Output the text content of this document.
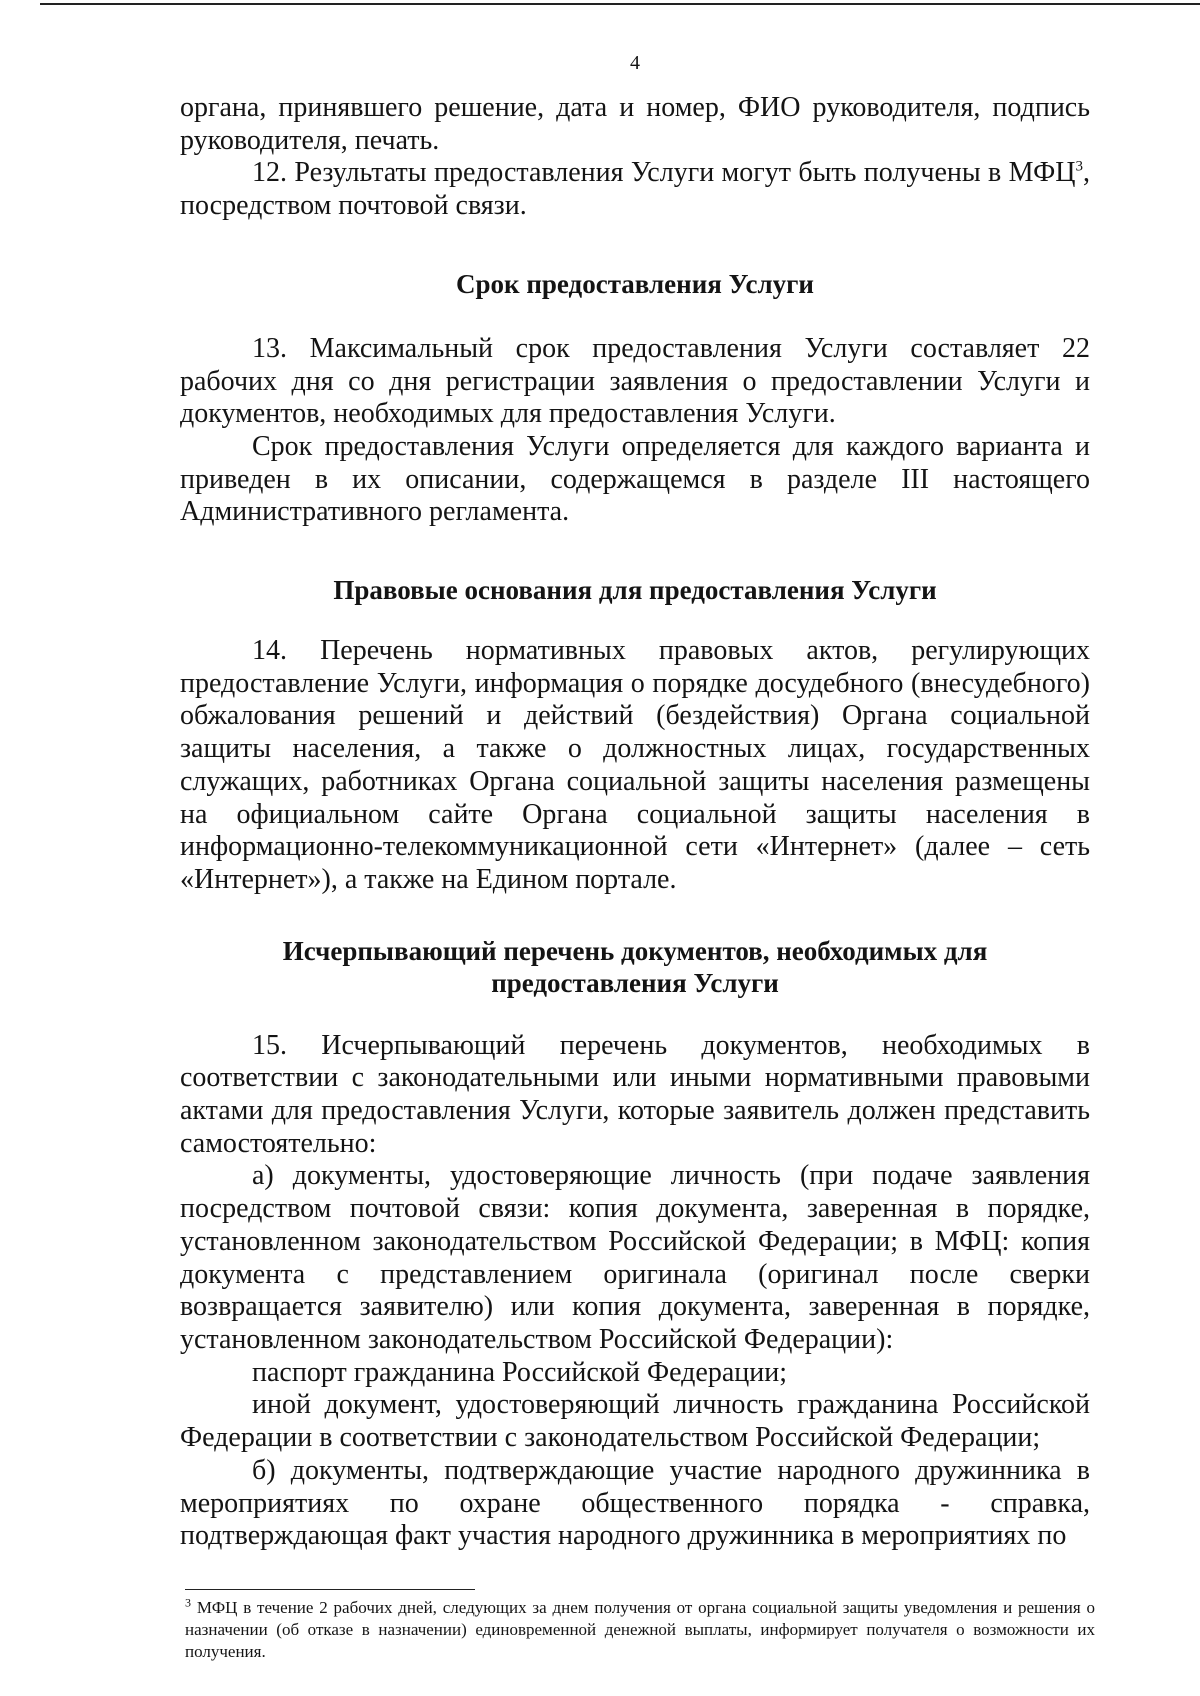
4

органа, принявшего решение, дата и номер, ФИО руководителя, подпись руководителя, печать.

12. Результаты предоставления Услуги могут быть получены в МФЦ$^3$, посредством почтовой связи.

Срок предоставления Услуги

13. Максимальный срок предоставления Услуги составляет 22 рабочих дня со дня регистрации заявления о предоставлении Услуги и документов, необходимых для предоставления Услуги.

Срок предоставления Услуги определяется для каждого варианта и приведен в их описании, содержащемся в разделе III настоящего Административного регламента.

Правовые основания для предоставления Услуги

14. Перечень нормативных правовых актов, регулирующих предоставление Услуги, информация о порядке досудебного (внесудебного) обжалования решений и действий (бездействия) Органа социальной защиты населения, а также о должностных лицах, государственных служащих, работниках Органа социальной защиты населения размещены на официальном сайте Органа социальной защиты населения в информационно-телекоммуникационной сети «Интернет» (далее – сеть «Интернет»), а также на Едином портале.

Исчерпывающий перечень документов, необходимых для
предоставления Услуги

15. Исчерпывающий перечень документов, необходимых в соответствии с законодательными или иными нормативными правовыми актами для предоставления Услуги, которые заявитель должен представить самостоятельно:

а) документы, удостоверяющие личность (при подаче заявления посредством почтовой связи: копия документа, заверенная в порядке, установленном законодательством Российской Федерации; в МФЦ: копия документа с представлением оригинала (оригинал после сверки возвращается заявителю) или копия документа, заверенная в порядке, установленном законодательством Российской Федерации):

паспорт гражданина Российской Федерации;

иной документ, удостоверяющий личность гражданина Российской Федерации в соответствии с законодательством Российской Федерации;

б) документы, подтверждающие участие народного дружинника в мероприятиях по охране общественного порядка - справка, подтверждающая факт участия народного дружинника в мероприятиях по

$^3$ МФЦ в течение 2 рабочих дней, следующих за днем получения от органа социальной защиты уведомления и решения о назначении (об отказе в назначении) единовременной денежной выплаты, информирует получателя о возможности их получения.
